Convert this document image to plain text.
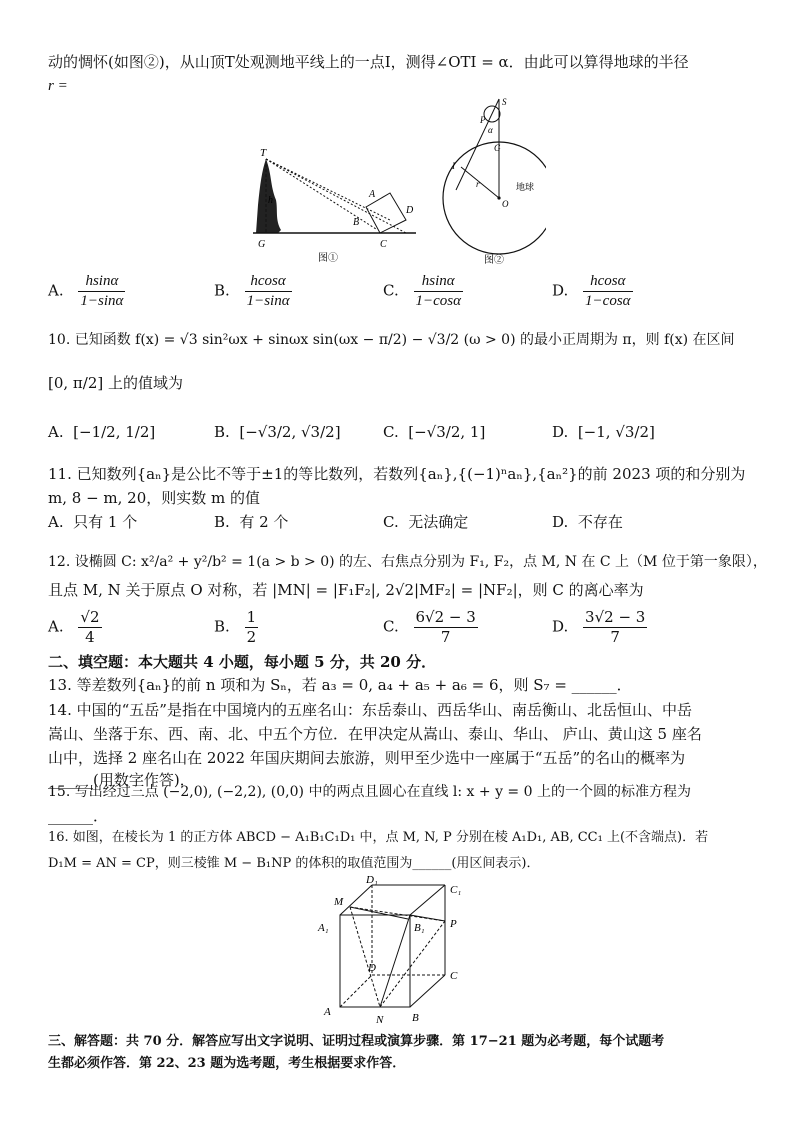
动的惆怀(如图②)，从山顶T处观测地平线上的一点I，测得∠OTI = α．由此可以算得地球的半径
r =
T
h
G
A
B
C
D
图①
S
P
α
G
I
r
O
地球
图②
A. $\frac{hsin\alpha}{1-\sin\alpha}$	B. $\frac{hcos\alpha}{1-\sin\alpha}$	C. $\frac{hsin\alpha}{1-\cos\alpha}$	D. $\frac{hcos\alpha}{1-\cos\alpha}$
10. 已知函数 f(x) = √3 sin²ωx + sinωx sin(ωx − π/2) − √3/2 (ω > 0) 的最小正周期为 π，则 f(x) 在区间
[0, π/2] 上的值域为
A. [−1/2, 1/2]	B. [−√3/2, √3/2]	C. [−√3/2, 1]	D. [−1, √3/2]
11. 已知数列{aₙ}是公比不等于±1的等比数列，若数列{aₙ},{(−1)ⁿaₙ},{aₙ²}的前 2023 项的和分别为
m, 8 − m, 20，则实数 m 的值
A. 只有 1 个	B. 有 2 个	C. 无法确定	D. 不存在
12. 设椭圆 C: x²/a² + y²/b² = 1(a > b > 0) 的左、右焦点分别为 F₁, F₂，点 M, N 在 C 上（M 位于第一象限），
且点 M, N 关于原点 O 对称，若 |MN| = |F₁F₂|, 2√2|MF₂| = |NF₂|，则 C 的离心率为
A. $\frac{√2}{4}$	B. $\frac{1}{2}$	C. $\frac{6√2 - 3}{7}$	D. $\frac{3√2 - 3}{7}$
二、填空题：本大题共 4 小题，每小题 5 分，共 20 分．
13. 等差数列{aₙ}的前 n 项和为 Sₙ，若 a₃ = 0, a₄ + a₅ + a₆ = 6，则 S₇ = ______．
14. 中国的“五岳”是指在中国境内的五座名山：东岳泰山、西岳华山、南岳衡山、北岳恒山、中岳
嵩山、坐落于东、西、南、北、中五个方位．在甲决定从嵩山、泰山、华山、 庐山、黄山这 5 座名
山中，选择 2 座名山在 2022 年国庆期间去旅游，则甲至少选中一座属于“五岳”的名山的概率为
______(用数字作答)．
15. 写出经过三点 (−2,0), (−2,2), (0,0) 中的两点且圆心在直线 l: x + y = 0 上的一个圆的标准方程为
______．
16. 如图，在棱长为 1 的正方体 ABCD − A₁B₁C₁D₁ 中，点 M, N, P 分别在棱 A₁D₁, AB, CC₁ 上(不含端点)．若
D₁M = AN = CP，则三棱锥 M − B₁NP 的体积的取值范围为______(用区间表示)．
D₁
C₁
M
A₁	B₁ P
D
C
A
N	B
三、解答题：共 70 分．解答应写出文字说明、证明过程或演算步骤．第 17−21 题为必考题，每个试题考
生都必须作答．第 22、23 题为选考题，考生根据要求作答．
